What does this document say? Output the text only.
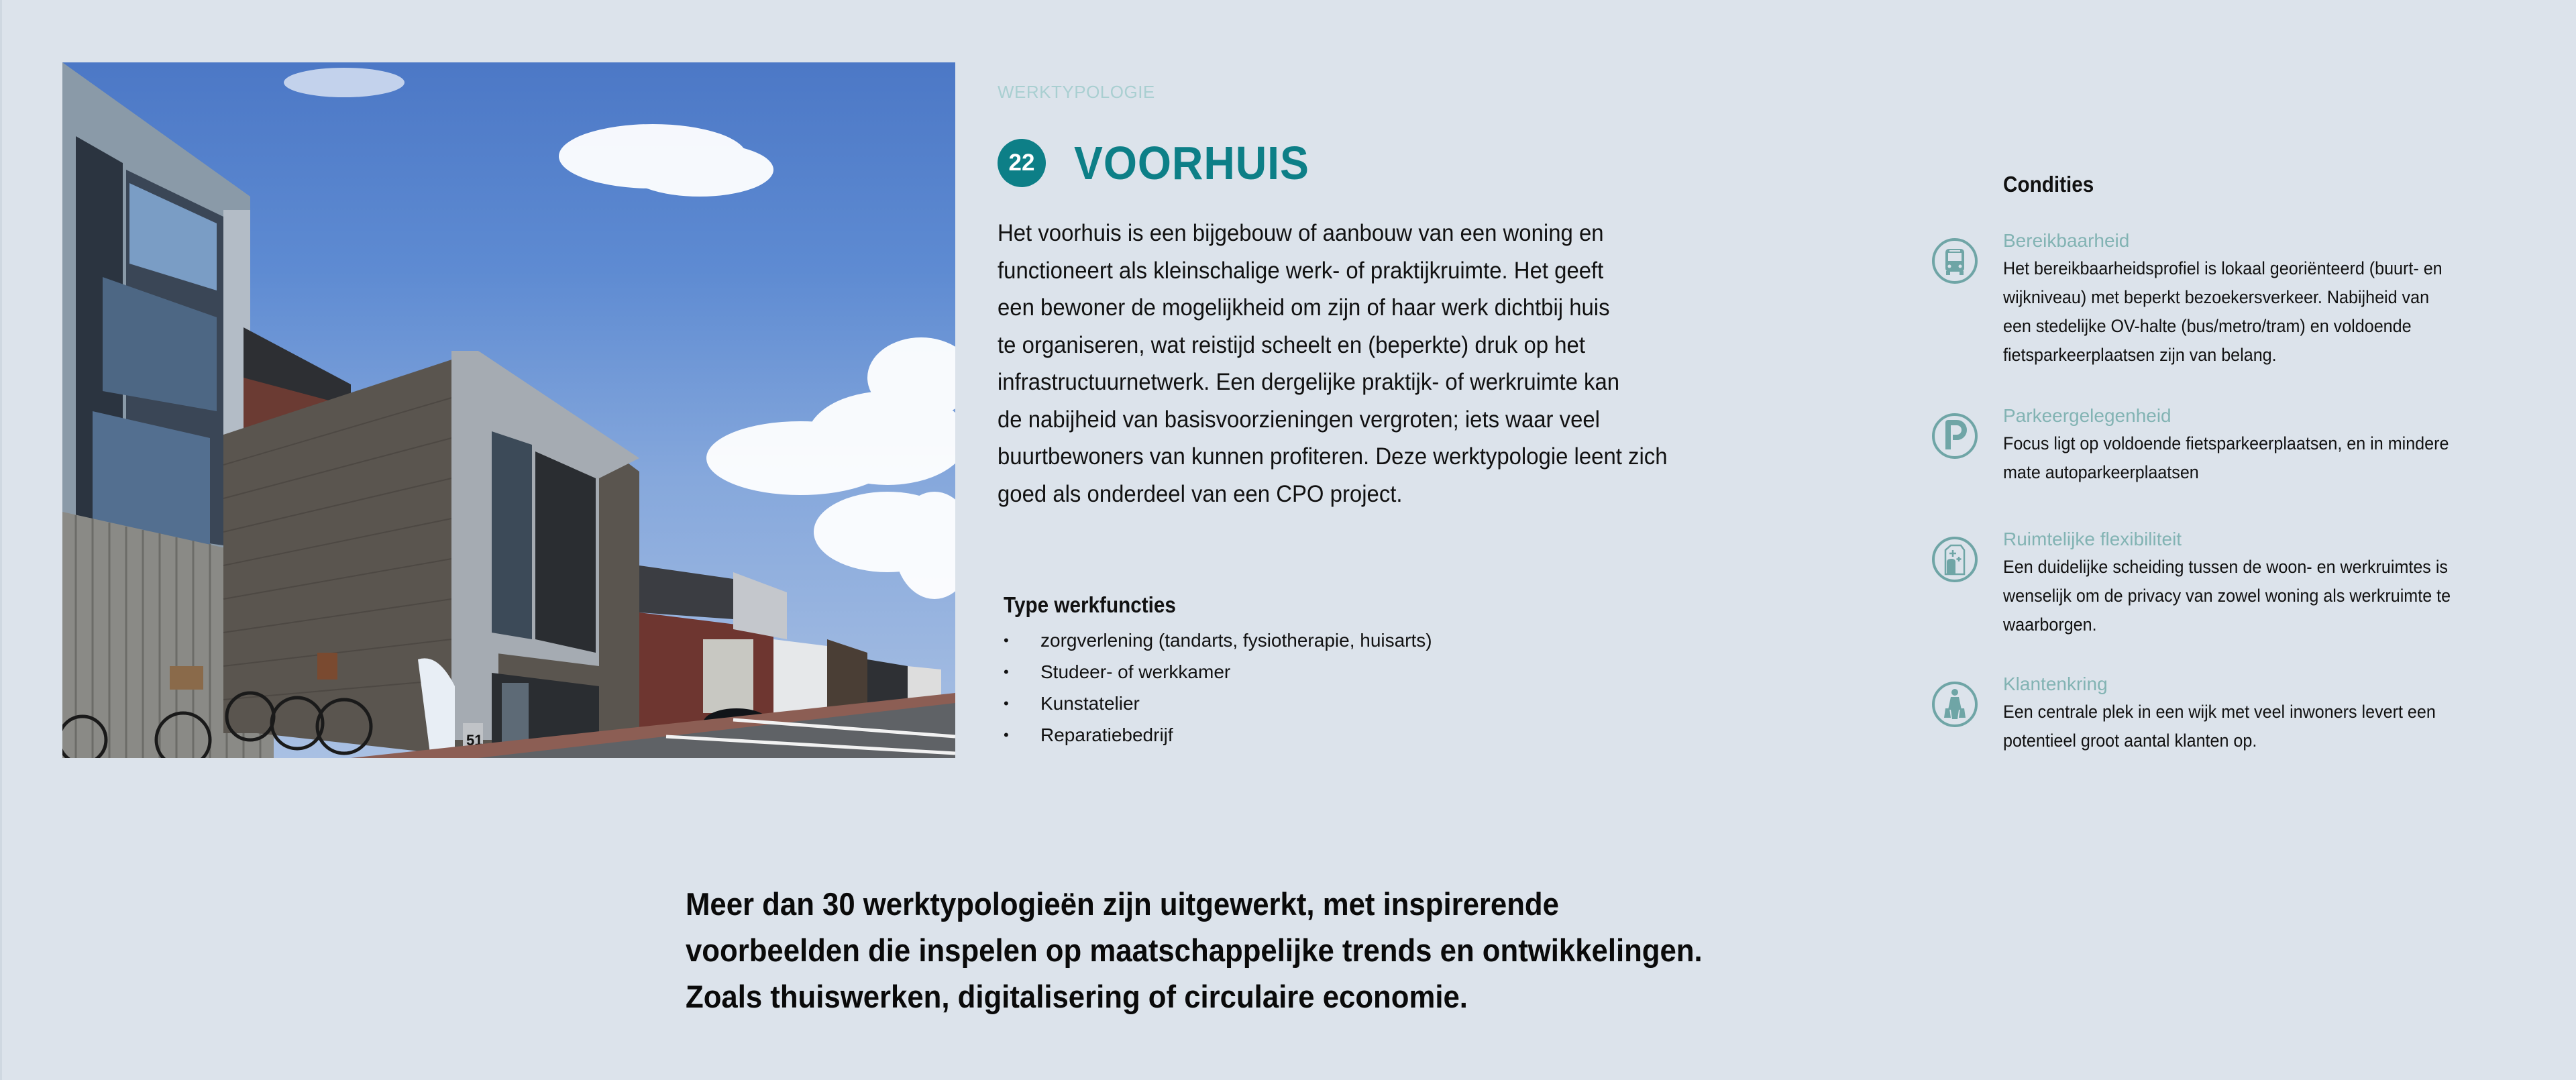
51
WERKTYPOLOGIE
22 VOORHUIS
Het voorhuis is een bijgebouw of aanbouw van een woning en
functioneert als kleinschalige werk- of praktijkruimte. Het geeft
een bewoner de mogelijkheid om zijn of haar werk dichtbij huis
te organiseren, wat reistijd scheelt en (beperkte) druk op het
infrastructuurnetwerk. Een dergelijke praktijk- of werkruimte kan
de nabijheid van basisvoorzieningen vergroten; iets waar veel
buurtbewoners van kunnen profiteren. Deze werktypologie leent zich
goed als onderdeel van een CPO project.
Type werkfuncties
• zorgverlening (tandarts, fysiotherapie, huisarts)
• Studeer- of werkkamer
• Kunstatelier
• Reparatiebedrijf
Condities
Bereikbaarheid
Het bereikbaarheidsprofiel is lokaal georiënteerd (buurt- en
wijkniveau) met beperkt bezoekersverkeer. Nabijheid van
een stedelijke OV-halte (bus/metro/tram) en voldoende
fietsparkeerplaatsen zijn van belang.
Parkeergelegenheid
Focus ligt op voldoende fietsparkeerplaatsen, en in mindere
mate autoparkeerplaatsen
Ruimtelijke flexibiliteit
Een duidelijke scheiding tussen de woon- en werkruimtes is
wenselijk om de privacy van zowel woning als werkruimte te
waarborgen.
Klantenkring
Een centrale plek in een wijk met veel inwoners levert een
potentieel groot aantal klanten op.
Meer dan 30 werktypologieën zijn uitgewerkt, met inspirerende
voorbeelden die inspelen op maatschappelijke trends en ontwikkelingen.
Zoals thuiswerken, digitalisering of circulaire economie.
